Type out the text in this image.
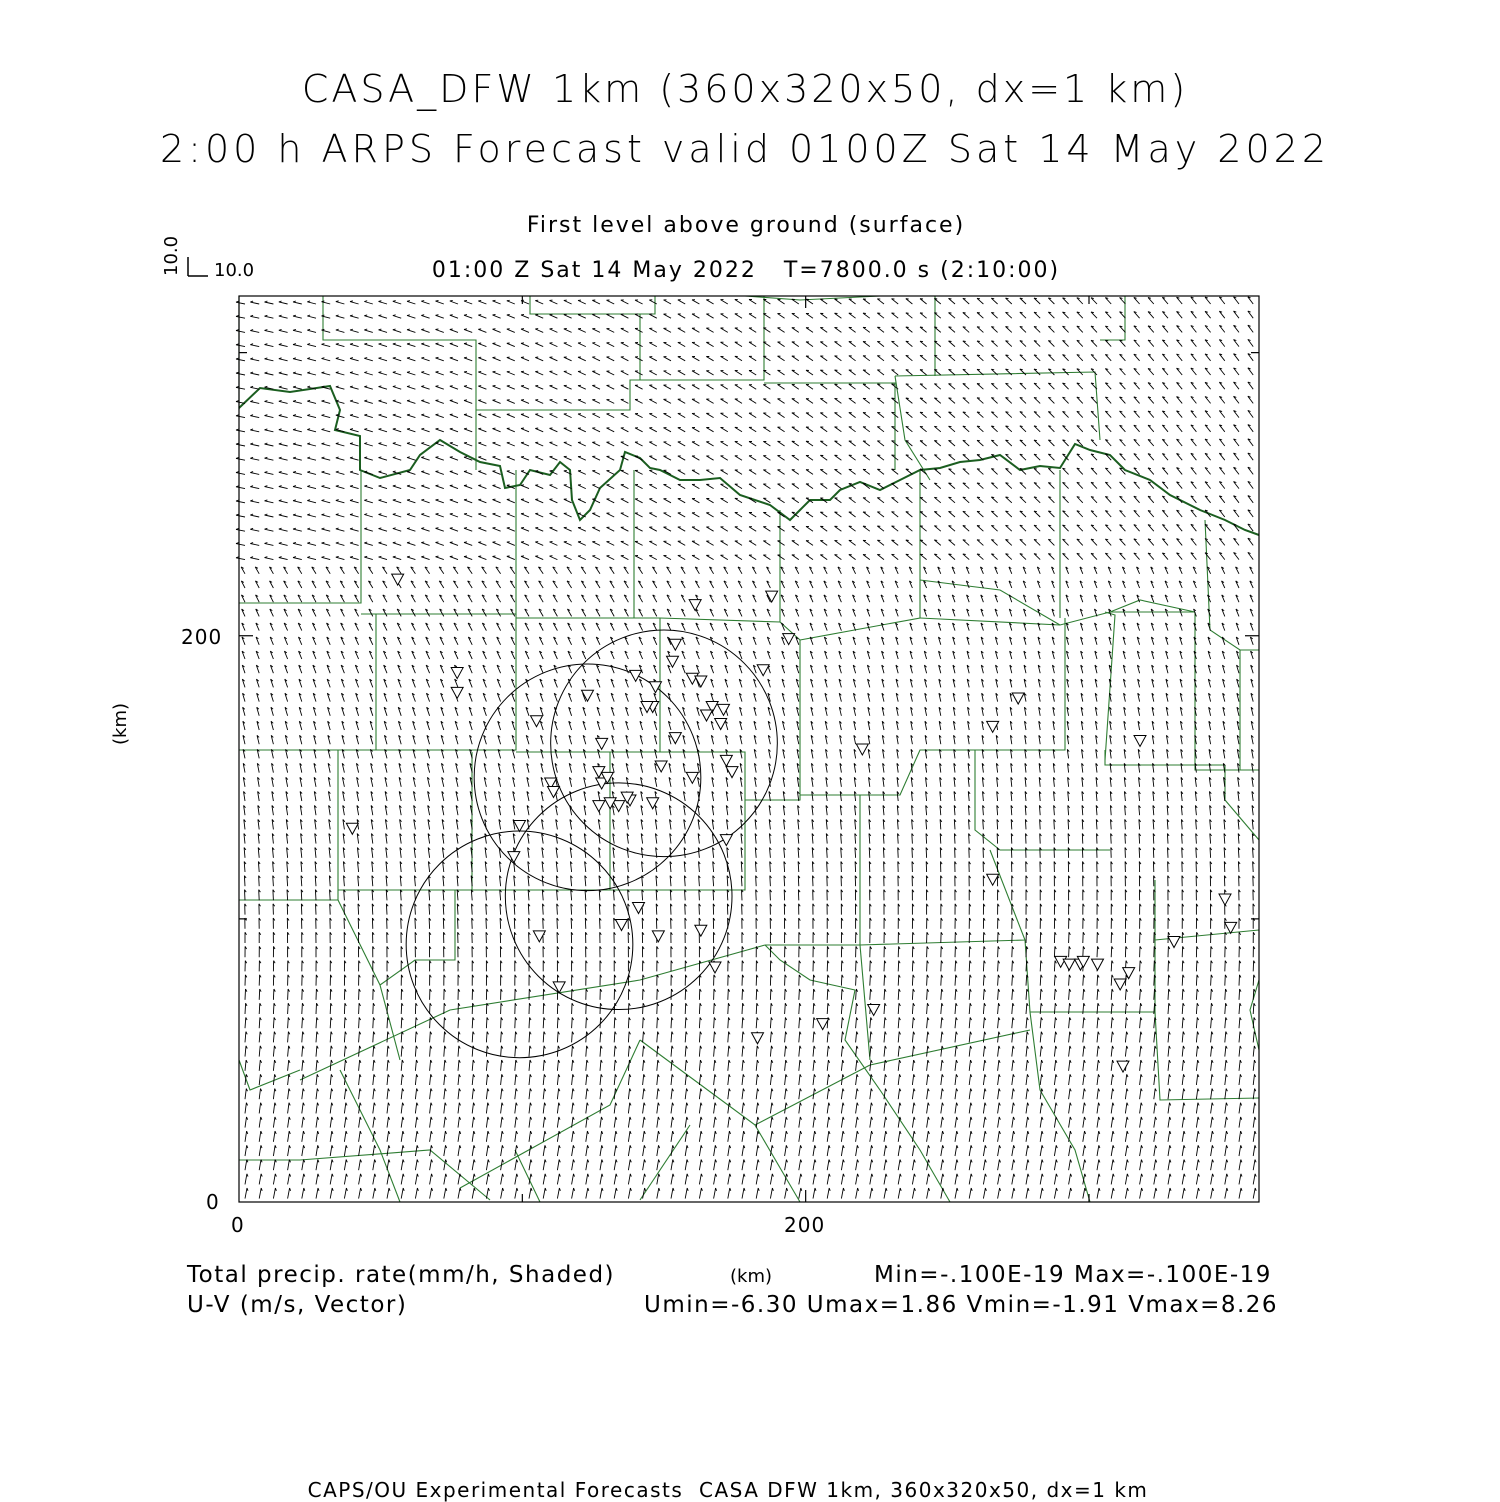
CASA_DFW 1km (360x320x50, dx=1 km)
2:00 h ARPS Forecast valid 0100Z Sat 14 May 2022
First level above ground (surface)
01:00 Z Sat 14 May 2022   T=7800.0 s (2:10:00)
10.0 10.0
200
0
0	200
(km)
Total precip. rate(mm/h, Shaded)	(km)	Min=-.100E-19 Max=-.100E-19
U-V (m/s, Vector)	Umin=-6.30 Umax=1.86 Vmin=-1.91 Vmax=8.26
CAPS/OU Experimental Forecasts  CASA DFW 1km, 360x320x50, dx=1 km
